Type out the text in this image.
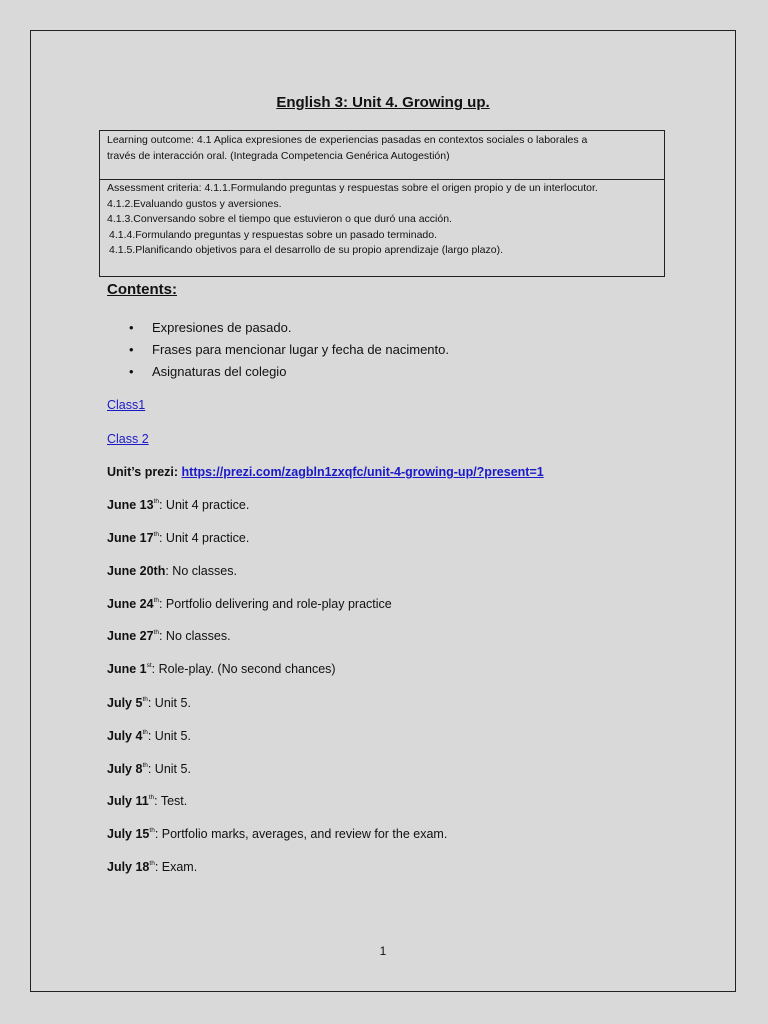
English 3: Unit 4. Growing up.
Learning outcome: 4.1 Aplica expresiones de experiencias pasadas en contextos sociales o laborales a
través de interacción oral. (Integrada Competencia Genérica Autogestión)
Assessment criteria: 4.1.1.Formulando preguntas y respuestas sobre el origen propio y de un interlocutor.
4.1.2.Evaluando gustos y aversiones.
4.1.3.Conversando sobre el tiempo que estuvieron o que duró una acción.
4.1.4.Formulando preguntas y respuestas sobre un pasado terminado.
4.1.5.Planificando objetivos para el desarrollo de su propio aprendizaje (largo plazo).
Contents:
• Expresiones de pasado.
• Frases para mencionar lugar y fecha de nacimento.
• Asignaturas del colegio
Class1
Class 2
Unit’s prezi: https://prezi.com/zagbln1zxqfc/unit-4-growing-up/?present=1
June 13th: Unit 4 practice.
June 17th: Unit 4 practice.
June 20th: No classes.
June 24th: Portfolio delivering and role-play practice
June 27th: No classes.
June 1st: Role-play. (No second chances)
July 5th: Unit 5.
July 4th: Unit 5.
July 8th: Unit 5.
July 11th: Test.
July 15th: Portfolio marks, averages, and review for the exam.
July 18th: Exam.
1
